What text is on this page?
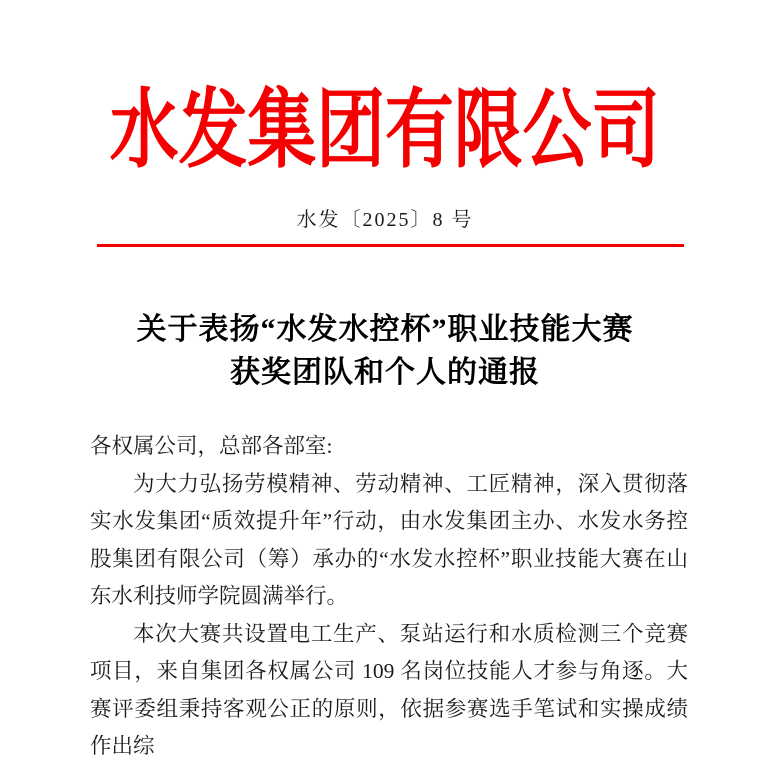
水发集团有限公司
水发〔2025〕8 号
关于表扬“水发水控杯”职业技能大赛
获奖团队和个人的通报

各权属公司，总部各部室:

为大力弘扬劳模精神、劳动精神、工匠精神，深入贯彻落实水发集团“质效提升年”行动，由水发集团主办、水发水务控股集团有限公司（筹）承办的“水发水控杯”职业技能大赛在山东水利技师学院圆满举行。

本次大赛共设置电工生产、泵站运行和水质检测三个竞赛项目，来自集团各权属公司 109 名岗位技能人才参与角逐。大赛评委组秉持客观公正的原则，依据参赛选手笔试和实操成绩作出综
